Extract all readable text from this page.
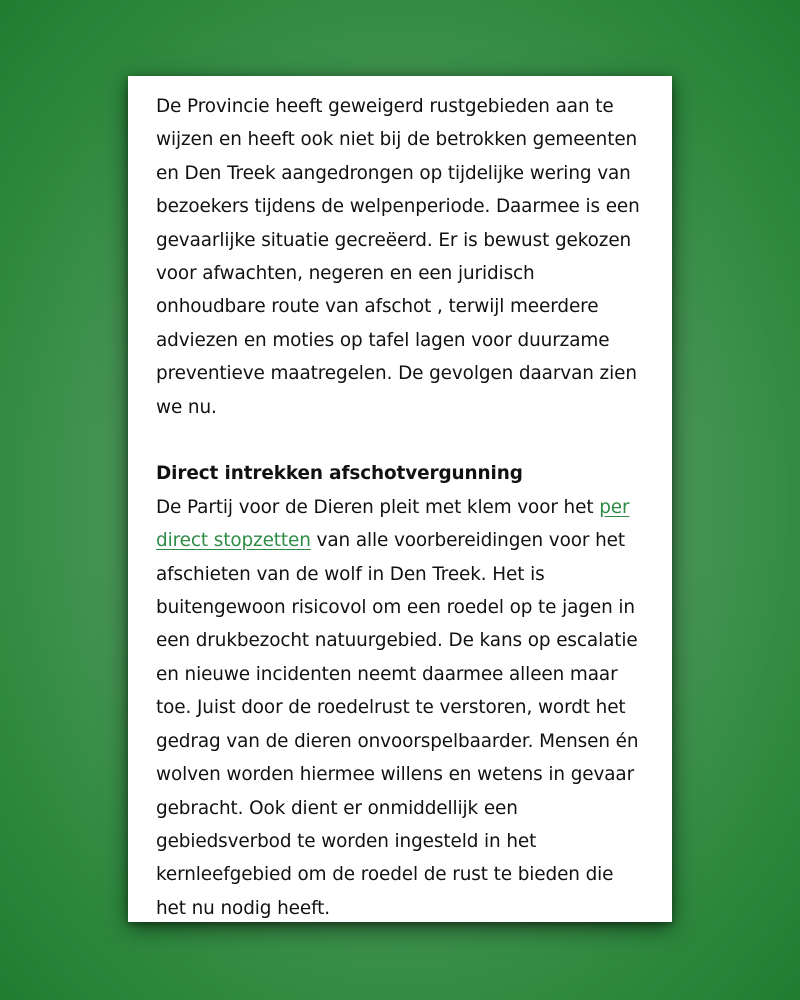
De Provincie heeft geweigerd rustgebieden aan te wijzen en heeft ook niet bij de betrokken gemeenten en Den Treek aangedrongen op tijdelijke wering van bezoekers tijdens de welpenperiode. Daarmee is een gevaarlijke situatie gecreëerd. Er is bewust gekozen voor afwachten, negeren en een juridisch onhoudbare route van afschot , terwijl meerdere adviezen en moties op tafel lagen voor duurzame preventieve maatregelen. De gevolgen daarvan zien we nu.

Direct intrekken afschotvergunning

De Partij voor de Dieren pleit met klem voor het per direct stopzetten van alle voorbereidingen voor het afschieten van de wolf in Den Treek. Het is buitengewoon risicovol om een roedel op te jagen in een drukbezocht natuurgebied. De kans op escalatie en nieuwe incidenten neemt daarmee alleen maar toe. Juist door de roedelrust te verstoren, wordt het gedrag van de dieren onvoorspelbaarder. Mensen én wolven worden hiermee willens en wetens in gevaar gebracht. Ook dient er onmiddellijk een gebiedsverbod te worden ingesteld in het kernleefgebied om de roedel de rust te bieden die het nu nodig heeft.
